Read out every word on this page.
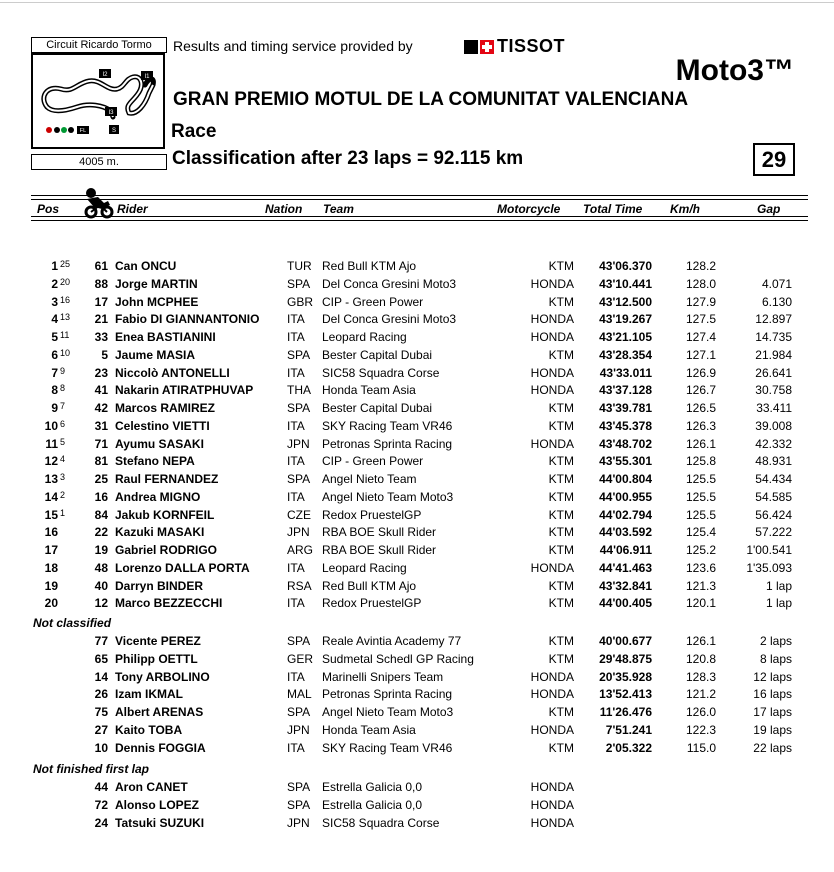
Circuit Ricardo Tormo
I2	I1
I3
S
FL
4005 m.
Results and timing service provided by	TISSOT
Moto3™
GRAN PREMIO MOTUL DE LA COMUNITAT VALENCIANA
Race
Classification after 23 laps = 92.115 km	29
Pos	Rider	Nation Team	Motorcycle Total Time Km/h	Gap
1 25	61 Can ONCU	TUR Red Bull KTM Ajo	KTM	43'06.370	128.2
2 20	88 Jorge MARTIN	SPA Del Conca Gresini Moto3	HONDA	43'10.441	128.0	4.071
3 16	17 John MCPHEE	GBR CIP - Green Power	KTM	43'12.500	127.9	6.130
4 13	21 Fabio DI GIANNANTONIO ITA Del Conca Gresini Moto3	HONDA	43'19.267	127.5	12.897
5 11	33 Enea BASTIANINI	ITA Leopard Racing	HONDA	43'21.105	127.4	14.735
6 10	5 Jaume MASIA	SPA Bester Capital Dubai	KTM	43'28.354	127.1	21.984
7 9	23 Niccolò ANTONELLI	ITA SIC58 Squadra Corse	HONDA	43'33.011	126.9	26.641
8 8	41 Nakarin ATIRATPHUVAP	THA Honda Team Asia	HONDA	43'37.128	126.7	30.758
9 7	42 Marcos RAMIREZ	SPA Bester Capital Dubai	KTM	43'39.781	126.5	33.411
10 6	31 Celestino VIETTI	ITA SKY Racing Team VR46	KTM	43'45.378	126.3	39.008
11 5	71 Ayumu SASAKI	JPN Petronas Sprinta Racing	HONDA	43'48.702	126.1	42.332
12 4	81 Stefano NEPA	ITA CIP - Green Power	KTM	43'55.301	125.8	48.931
13 3	25 Raul FERNANDEZ	SPA Angel Nieto Team	KTM	44'00.804	125.5	54.434
14 2	16 Andrea MIGNO	ITA Angel Nieto Team Moto3	KTM	44'00.955	125.5	54.585
15 1	84 Jakub KORNFEIL	CZE Redox PruestelGP	KTM	44'02.794	125.5	56.424
16	22 Kazuki MASAKI	JPN RBA BOE Skull Rider	KTM	44'03.592	125.4	57.222
17	19 Gabriel RODRIGO	ARG RBA BOE Skull Rider	KTM	44'06.911	125.2	1'00.541
18	48 Lorenzo DALLA PORTA	ITA Leopard Racing	HONDA	44'41.463	123.6	1'35.093
19	40 Darryn BINDER	RSA Red Bull KTM Ajo	KTM	43'32.841	121.3	1 lap
20	12 Marco BEZZECCHI	ITA Redox PruestelGP	KTM	44'00.405	120.1	1 lap
Not classified
77 Vicente PEREZ	SPA Reale Avintia Academy 77	KTM	40'00.677	126.1	2 laps
65 Philipp OETTL	GER Sudmetal Schedl GP Racing	KTM	29'48.875	120.8	8 laps
14 Tony ARBOLINO	ITA Marinelli Snipers Team	HONDA	20'35.928	128.3	12 laps
26 Izam IKMAL	MAL Petronas Sprinta Racing	HONDA	13'52.413	121.2	16 laps
75 Albert ARENAS	SPA Angel Nieto Team Moto3	KTM	11'26.476	126.0	17 laps
27 Kaito TOBA	JPN Honda Team Asia	HONDA	7'51.241	122.3	19 laps
10 Dennis FOGGIA	ITA SKY Racing Team VR46	KTM	2'05.322	115.0	22 laps
Not finished first lap
44 Aron CANET	SPA Estrella Galicia 0,0	HONDA
72 Alonso LOPEZ	SPA Estrella Galicia 0,0	HONDA
24 Tatsuki SUZUKI	JPN SIC58 Squadra Corse	HONDA
